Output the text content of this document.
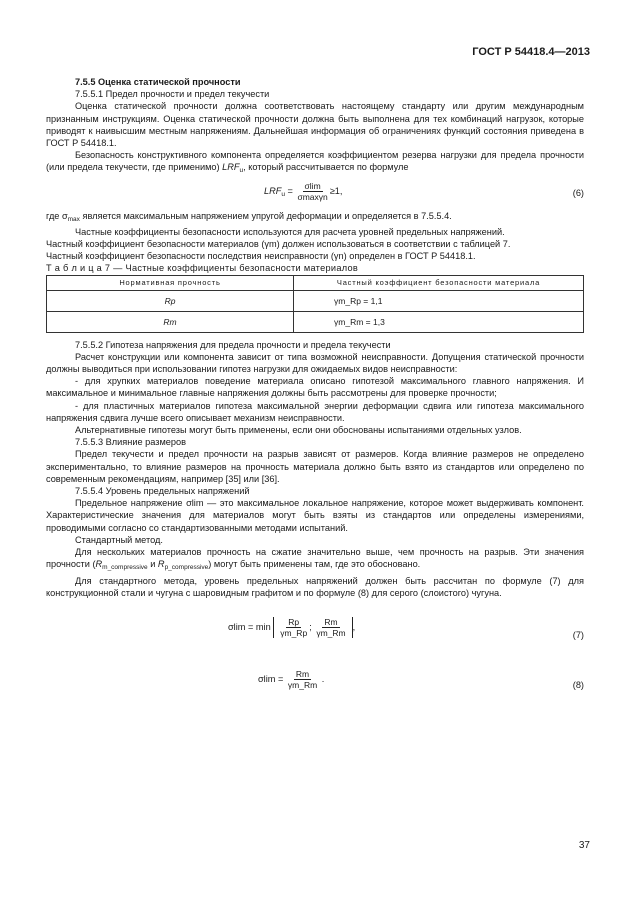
ГОСТ Р 54418.4—2013

7.5.5 Оценка статической прочности

7.5.5.1 Предел прочности и предел текучести

Оценка статической прочности должна соответствовать настоящему стандарту или другим международным признанным инструкциям. Оценка статической прочности должна быть выполнена для тех комбинаций нагрузок, которые приводят к наивысшим местным напряжениям. Дальнейшая информация об ограничениях функций состояния приведена в ГОСТ Р 54418.1.

Безопасность конструктивного компонента определяется коэффициентом резерва нагрузки для предела прочности (или предела текучести, где применимо) $LRF_u$, который рассчитывается по формуле

$LRF_u = \frac{\sigma\lim}{\sigma\max\gamma n} \ge 1$,	(6)

где $\sigma_{max}$ является максимальным напряжением упругой деформации и определяется в 7.5.5.4.

Частные коэффициенты безопасности используются для расчета уровней предельных напряжений.

Частный коэффициент безопасности материалов (γm) должен использоваться в соответствии с таблицей 7.

Частный коэффициент безопасности последствия неисправности (γn) определен в ГОСТ Р 54418.1.

Т а б л и ц а 7 — Частные коэффициенты безопасности материалов

Нормативная прочность	Частный коэффициент безопасности материала
Rp	γm_Rp = 1,1
Rm	γm_Rm = 1,3

7.5.5.2 Гипотеза напряжения для предела прочности и предела текучести

Расчет конструкции или компонента зависит от типа возможной неисправности. Допущения статической прочности должны выводиться при использовании гипотез нагрузки для ожидаемых видов неисправности:

- для хрупких материалов поведение материала описано гипотезой максимального главного напряжения. И максимальное и минимальное главные напряжения должны быть рассмотрены для проверке прочности;

- для пластичных материалов гипотеза максимальной энергии деформации сдвига или гипотеза максимального напряжения сдвига лучше всего описывает механизм неисправности.

Альтернативные гипотезы могут быть применены, если они обоснованы испытаниями отдельных узлов.

7.5.5.3 Влияние размеров

Предел текучести и предел прочности на разрыв зависят от размеров. Когда влияние размеров не определено экспериментально, то влияние размеров на прочность материала должно быть взято из стандартов или определено по современным рекомендациям, например [35] или [36].

7.5.5.4 Уровень предельных напряжений

Предельное напряжение σlim — это максимальное локальное напряжение, которое может выдерживать компонент. Характеристические значения для материалов могут быть взяты из стандартов или определены измерениями, проводимыми согласно со стандартизованными методами испытаний.

Стандартный метод.

Для нескольких материалов прочность на сжатие значительно выше, чем прочность на разрыв. Эти значения прочности ($R_{m\_compressive}$ и $R_{p\_compressive}$) могут быть применены там, где это обосновано.

Для стандартного метода, уровень предельных напряжений должен быть рассчитан по формуле (7) для конструкционной стали и чугуна с шаровидным графитом и по формуле (8) для серого (слоистого) чугуна.

$\sigma\lim = \min \frac{Rp}{\gamma m\_Rp}$ ; $\frac{Rm}{\gamma m\_Rm}$ ,
(7)
$\sigma\lim = \frac{Rm}{\gamma m\_Rm}$ .
(8)
37
